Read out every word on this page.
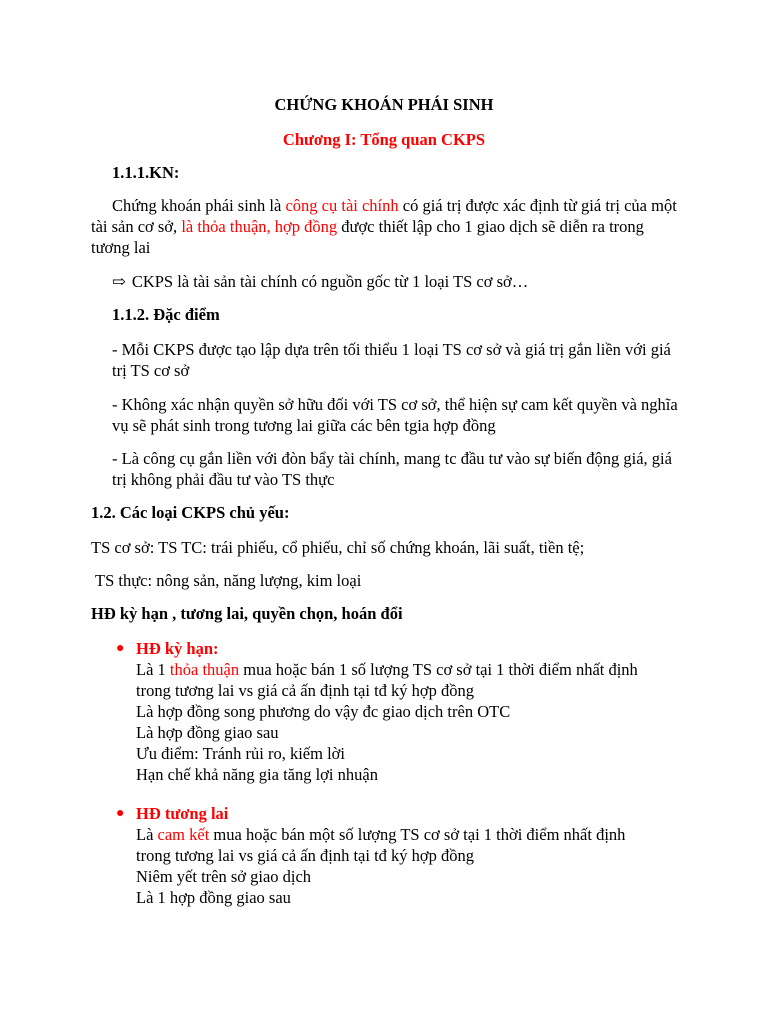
CHỨNG KHOÁN PHÁI SINH
Chương I: Tổng quan CKPS
1.1.1.KN:
Chứng khoán phái sinh là công cụ tài chính có giá trị được xác định từ giá trị của một tài sản cơ sở, là thỏa thuận, hợp đồng được thiết lập cho 1 giao dịch sẽ diễn ra trong tương lai
⇨ CKPS là tài sản tài chính có nguồn gốc từ 1 loại TS cơ sở…
1.1.2. Đặc điểm
- Mỗi CKPS được tạo lập dựa trên tối thiểu 1 loại TS cơ sở và giá trị gắn liền với giá trị TS cơ sở
- Không xác nhận quyền sở hữu đối với TS cơ sở, thể hiện sự cam kết quyền và nghĩa vụ sẽ phát sinh trong tương lai giữa các bên tgia hợp đồng
- Là công cụ gắn liền với đòn bẩy tài chính, mang tc đầu tư vào sự biến động giá, giá trị không phải đầu tư vào TS thực
1.2. Các loại CKPS chủ yếu:
TS cơ sở: TS TC: trái phiếu, cổ phiếu, chỉ số chứng khoán, lãi suất, tiền tệ;
TS thực: nông sản, năng lượng, kim loại
HĐ kỳ hạn , tương lai, quyền chọn, hoán đổi
● HĐ kỳ hạn:
Là 1 thỏa thuận mua hoặc bán 1 số lượng TS cơ sở tại 1 thời điểm nhất định
trong tương lai vs giá cả ấn định tại tđ ký hợp đồng
Là hợp đồng song phương do vậy đc giao dịch trên OTC
Là hợp đồng giao sau
Ưu điểm: Tránh rủi ro, kiếm lời
Hạn chế khả năng gia tăng lợi nhuận
● HĐ tương lai
Là cam kết mua hoặc bán một số lượng TS cơ sở tại 1 thời điểm nhất định
trong tương lai vs giá cả ấn định tại tđ ký hợp đồng
Niêm yết trên sở giao dịch
Là 1 hợp đồng giao sau
